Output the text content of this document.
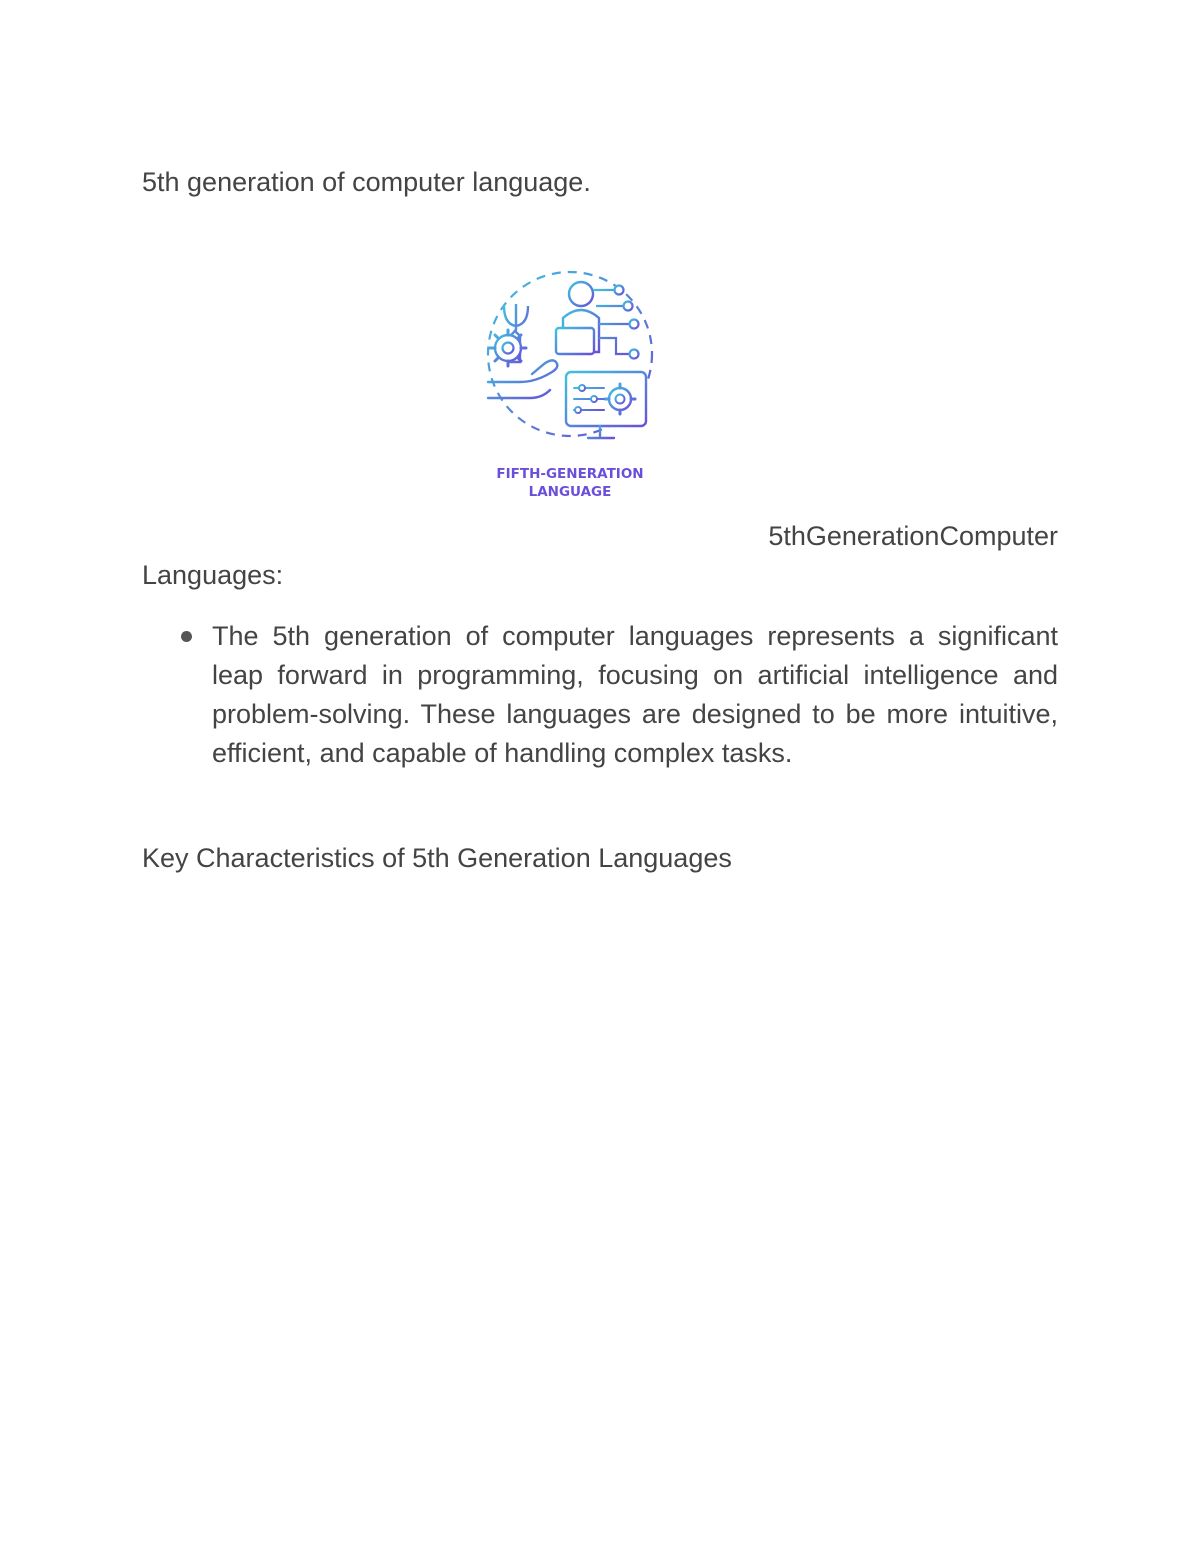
5th generation of computer language.
FIFTH-GENERATION
LANGUAGE
5thGenerationComputer
Languages:
The 5th generation of computer languages represents a significant leap forward in programming, focusing on artificial intelligence and problem-solving. These languages are designed to be more intuitive, efficient, and capable of handling complex tasks.
Key Characteristics of 5th Generation Languages
